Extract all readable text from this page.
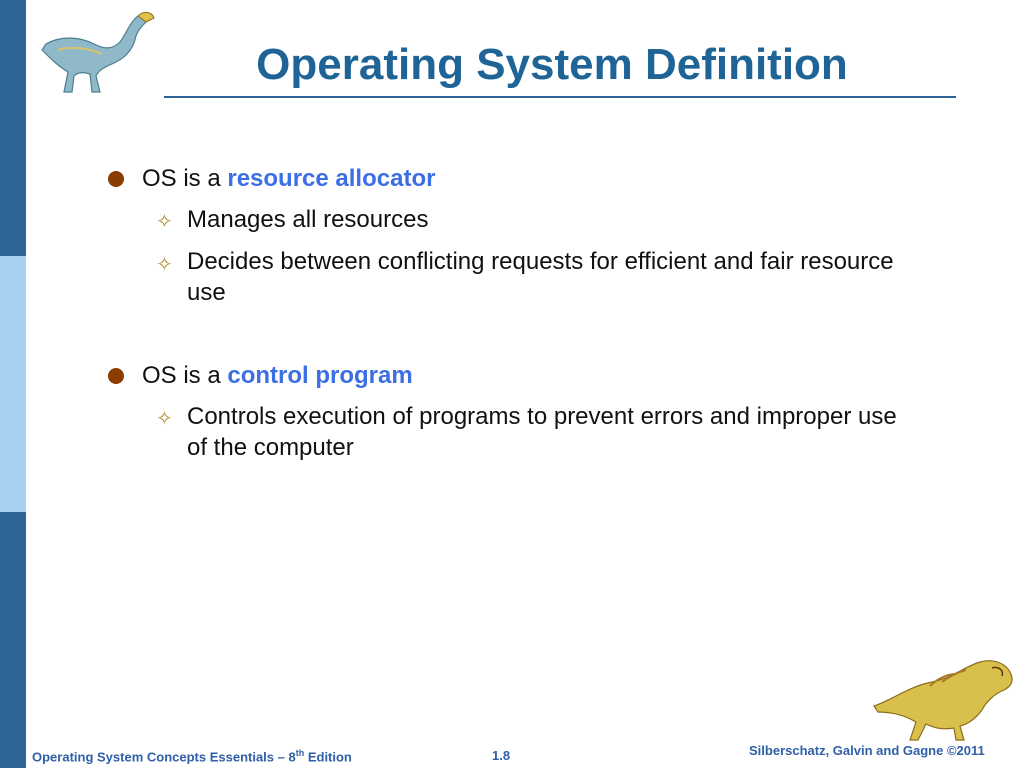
Operating System Definition
OS is a resource allocator
✧ Manages all resources
✧ Decides between conflicting requests for efficient and fair resource
use
OS is a control program
✧ Controls execution of programs to prevent errors and improper use
of the computer
Operating System Concepts Essentials – 8th Edition	1.8	Silberschatz, Galvin and Gagne ©2011
